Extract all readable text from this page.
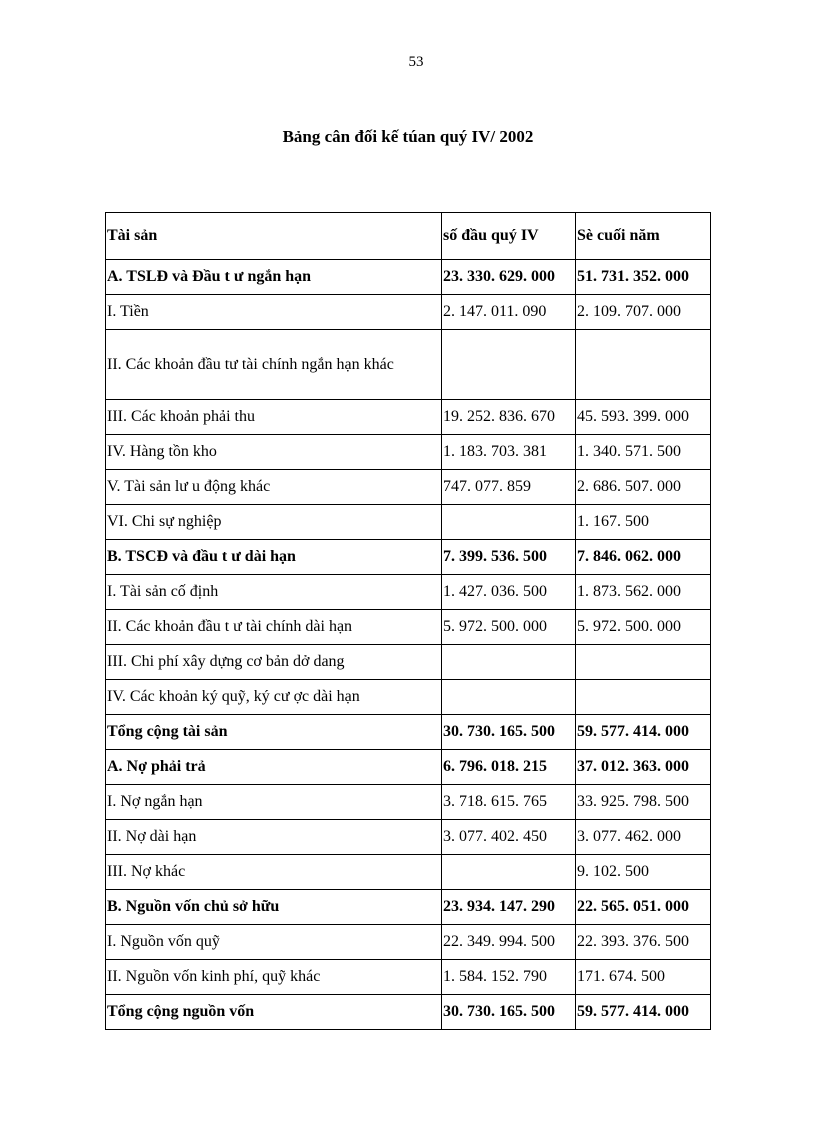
53
Bảng cân đối kế túan quý IV/ 2002
Tài sản	số đầu quý IV	Sè cuối năm
A. TSLĐ và Đầu t ư ngắn hạn	23. 330. 629. 000	51. 731. 352. 000
I. Tiền	2. 147. 011. 090	2. 109. 707. 000
II. Các khoản đầu tư tài chính ngắn hạn khác		
III. Các khoản phải thu	19. 252. 836. 670	45. 593. 399. 000
IV. Hàng tồn kho	1. 183. 703. 381	1. 340. 571. 500
V. Tài sản lư u động khác	747. 077. 859	2. 686. 507. 000
VI. Chi sự nghiệp		1. 167. 500
B. TSCĐ và đầu t ư dài hạn	7. 399. 536. 500	7. 846. 062. 000
I. Tài sản cố định	1. 427. 036. 500	1. 873. 562. 000
II. Các khoản đầu t ư tài chính dài hạn	5. 972. 500. 000	5. 972. 500. 000
III. Chi phí xây dựng cơ bản dở dang		
IV. Các khoản ký quỹ, ký cư ợc dài hạn		
Tổng cộng tài sản	30. 730. 165. 500	59. 577. 414. 000
A. Nợ phải trả	6. 796. 018. 215	37. 012. 363. 000
I. Nợ ngắn hạn	3. 718. 615. 765	33. 925. 798. 500
II. Nợ dài hạn	3. 077. 402. 450	3. 077. 462. 000
III. Nợ khác		9. 102. 500
B. Nguồn vốn chủ sở hữu	23. 934. 147. 290	22. 565. 051. 000
I. Nguồn vốn quỹ	22. 349. 994. 500	22. 393. 376. 500
II. Nguồn vốn kinh phí, quỹ khác	1. 584. 152. 790	171. 674. 500
Tổng cộng nguồn vốn	30. 730. 165. 500	59. 577. 414. 000
